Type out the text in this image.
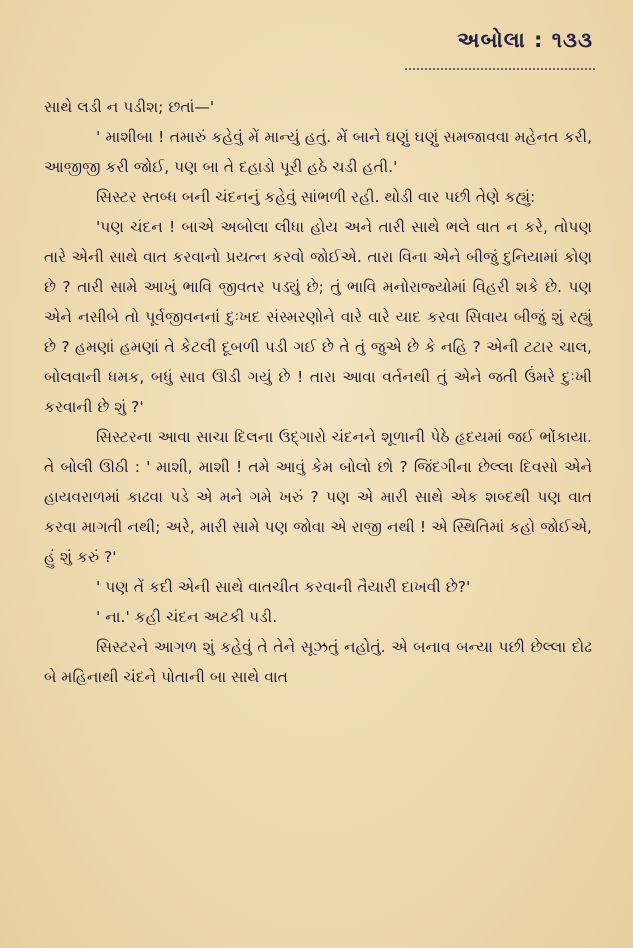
અબોલા : ૧૩૩

સાથે લડી ન પડીશ; છતાં—'

' માશીબા ! તમારું કહેવું મેં માન્યું હતું. મેં બાને ઘણું ઘણું સમજાવવા મહેનત કરી, આજીજી કરી જોઈ, પણ બા તે દહાડો પૂરી હઠે ચડી હતી.'

સિસ્ટર સ્તબ્ધ બની ચંદનનું કહેવું સાંભળી રહી. થોડી વાર પછી તેણે કહ્યું:

'પણ ચંદન ! બાએ અબોલા લીધા હોય અને તારી સાથે ભલે વાત ન કરે, તોપણ તારે એની સાથે વાત કરવાનો પ્રયત્ન કરવો જોઈએ. તારા વિના એને બીજું દુનિયામાં કોણ છે ? તારી સામે આખું ભાવિ જીવતર પડ્યું છે; તું ભાવિ મનોરાજ્યોમાં વિહરી શકે છે. પણ એને નસીબે તો પૂર્વજીવનનાં દુઃખદ સંસ્મરણોને વારે વારે યાદ કરવા સિવાય બીજું શું રહ્યું છે ? હમણાં હમણાં તે કેટલી દૂબળી પડી ગઈ છે તે તું જુએ છે કે નહિ ? એની ટટાર ચાલ, બોલવાની ધમક, બધું સાવ ઊડી ગયું છે ! તારા આવા વર્તનથી તું એને જતી ઉંમરે દુઃખી કરવાની છે શું ?'

સિસ્ટરના આવા સાચા દિલના ઉદ્ગારો ચંદનને શૂળાની પેઠે હૃદયમાં જઈ ભોંકાયા. તે બોલી ઊઠી : ' માશી, માશી ! તમે આવું કેમ બોલો છો ? જિંદગીના છેલ્લા દિવસો એને હાયવરાળમાં કાઢવા પડે એ મને ગમે ખરું ? પણ એ મારી સાથે એક શબ્દથી પણ વાત કરવા માગતી નથી; અરે, મારી સામે પણ જોવા એ રાજી નથી ! એ સ્થિતિમાં કહો જોઈએ, હું શું કરું ?'

' પણ તેં કદી એની સાથે વાતચીત કરવાની તૈયારી દાખવી છે?'

' ના.' કહી ચંદન અટકી પડી.

સિસ્ટરને આગળ શું કહેવું તે તેને સૂઝતું નહોતું. એ બનાવ બન્યા પછી છેલ્લા દોઢ બે મહિનાથી ચંદને પોતાની બા સાથે વાત
